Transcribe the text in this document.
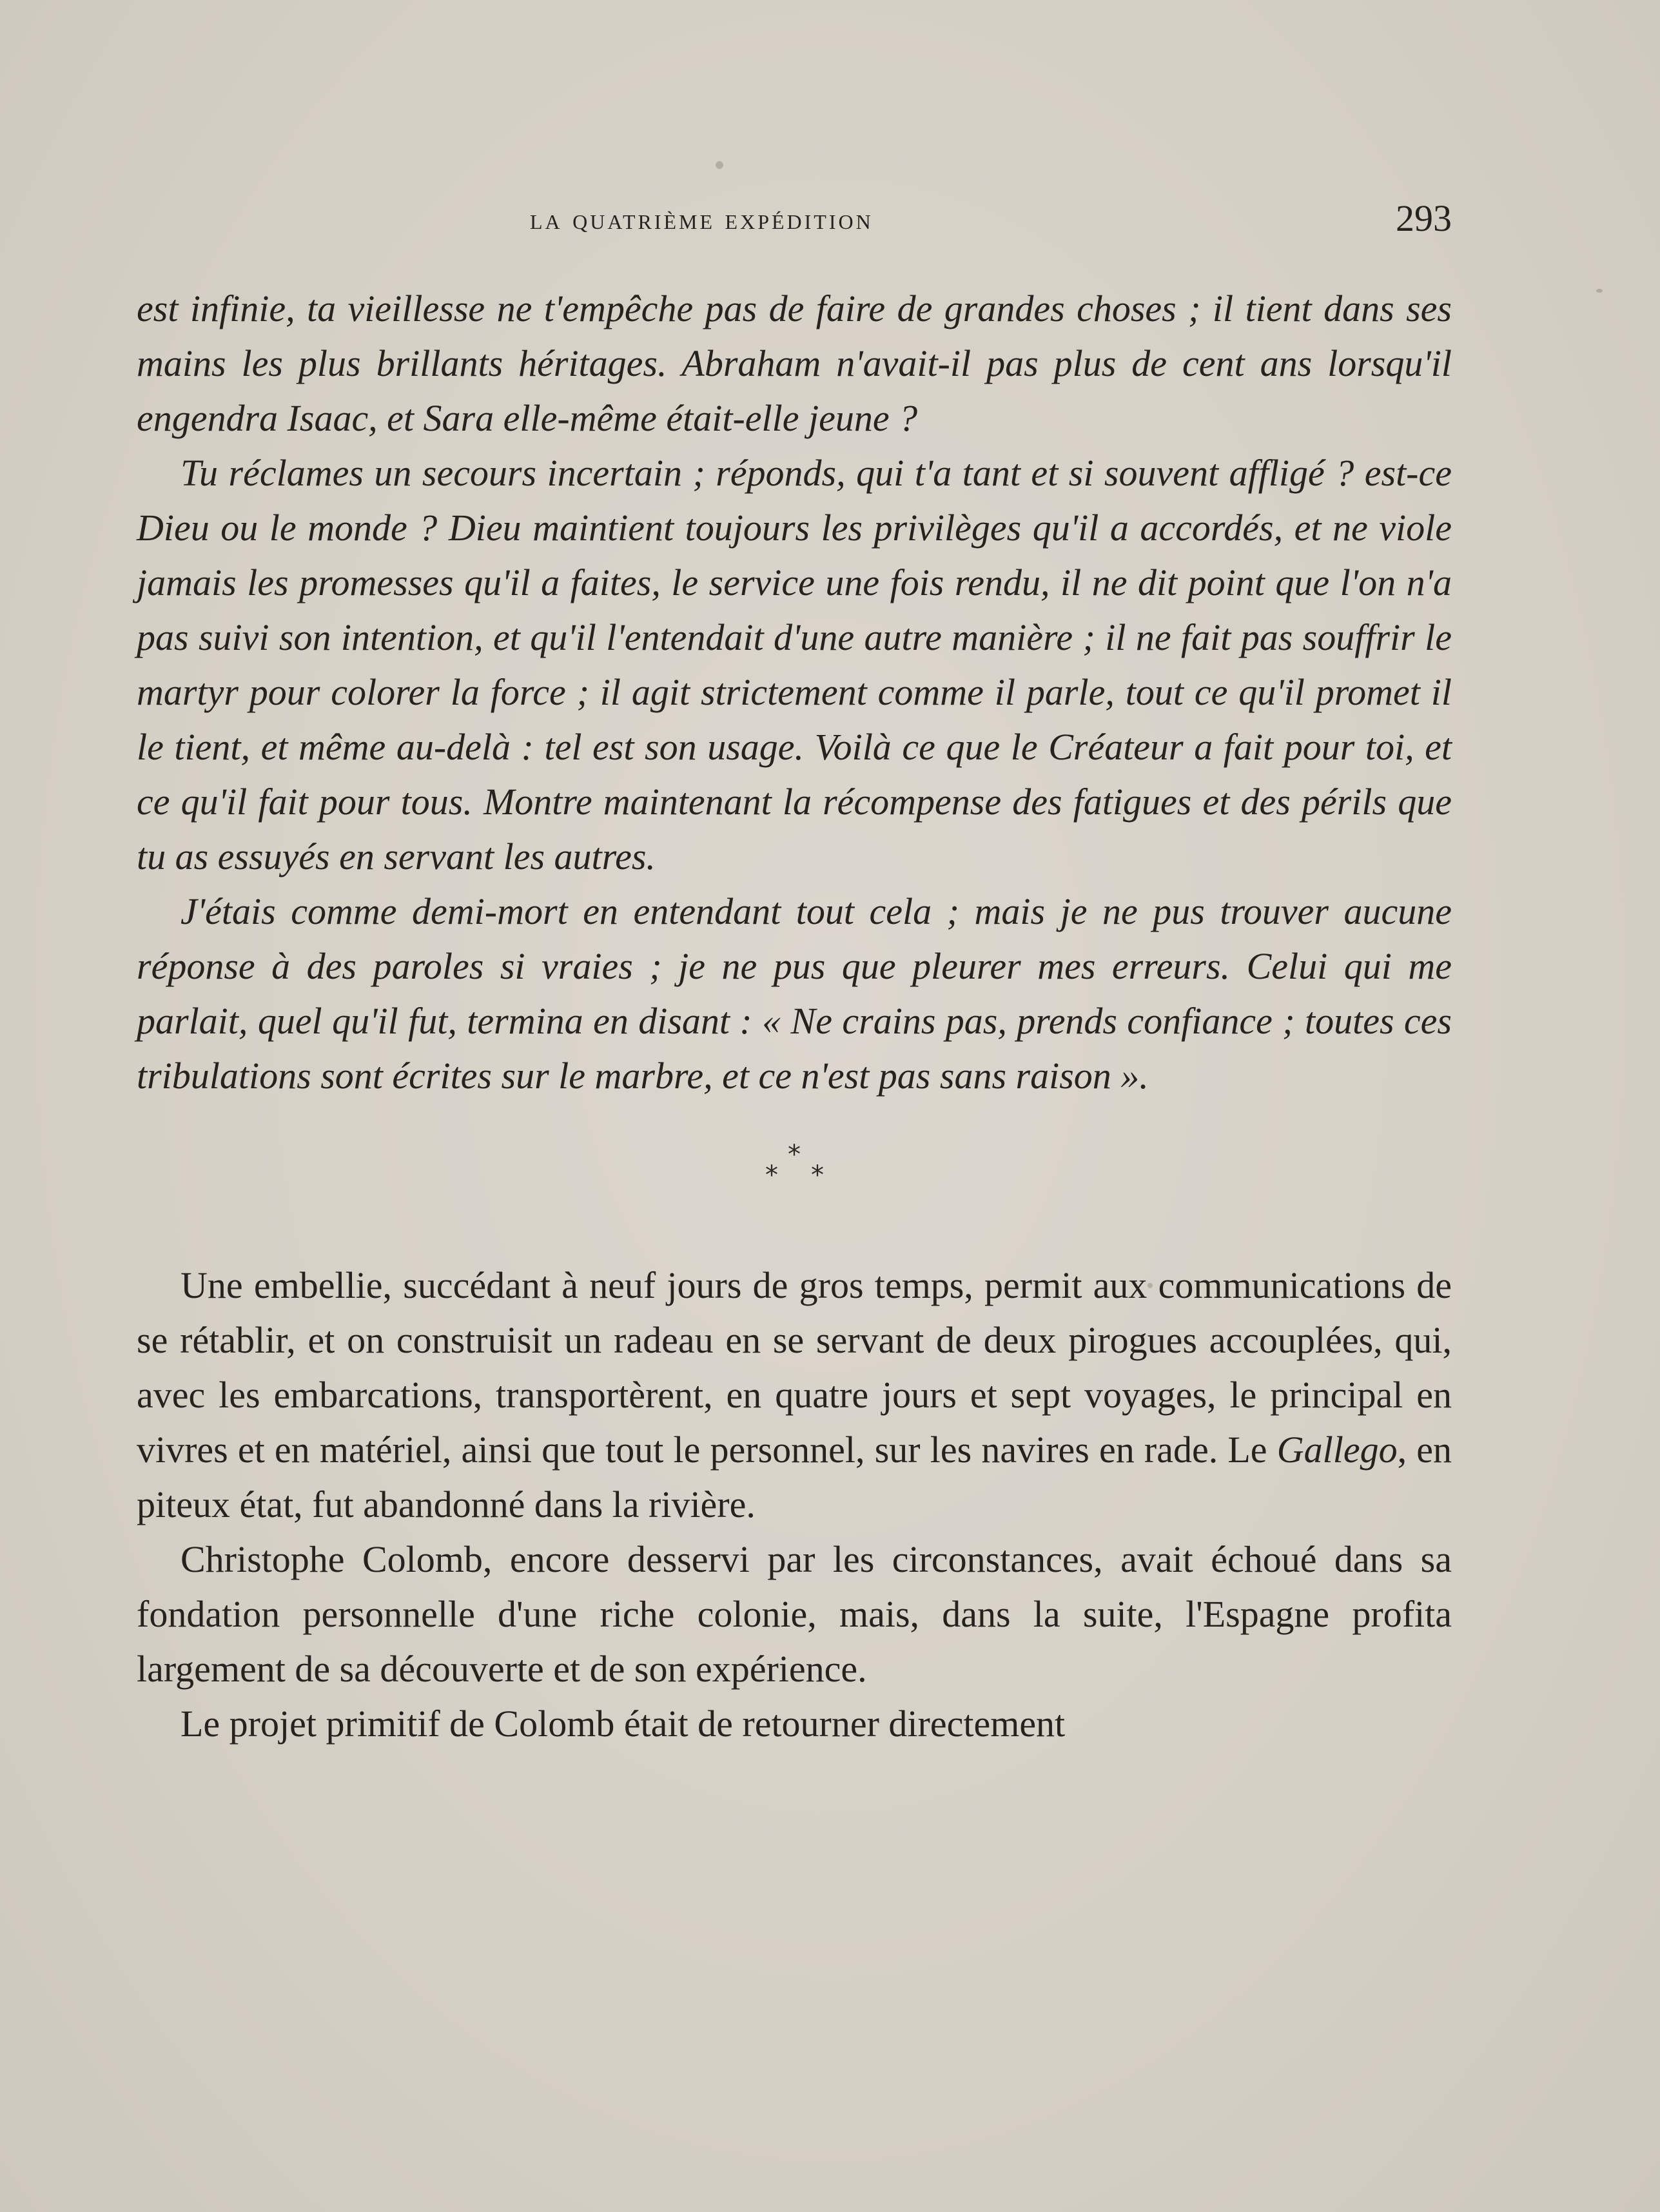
la quatrième expédition	293

est infinie, ta vieillesse ne t'empêche pas de faire de grandes choses ; il tient dans ses mains les plus brillants héritages. Abraham n'avait-il pas plus de cent ans lorsqu'il engendra Isaac, et Sara elle-même était-elle jeune ?

Tu réclames un secours incertain ; réponds, qui t'a tant et si souvent affligé ? est-ce Dieu ou le monde ? Dieu maintient toujours les privilèges qu'il a accordés, et ne viole jamais les promesses qu'il a faites, le service une fois rendu, il ne dit point que l'on n'a pas suivi son intention, et qu'il l'entendait d'une autre manière ; il ne fait pas souffrir le martyr pour colorer la force ; il agit strictement comme il parle, tout ce qu'il promet il le tient, et même au-delà : tel est son usage. Voilà ce que le Créateur a fait pour toi, et ce qu'il fait pour tous. Montre maintenant la récompense des fatigues et des périls que tu as essuyés en servant les autres.

J'étais comme demi-mort en entendant tout cela ; mais je ne pus trouver aucune réponse à des paroles si vraies ; je ne pus que pleurer mes erreurs. Celui qui me parlait, quel qu'il fut, termina en disant : « Ne crains pas, prends confiance ; toutes ces tribulations sont écrites sur le marbre, et ce n'est pas sans raison ».

*
* *

Une embellie, succédant à neuf jours de gros temps, permit aux communications de se rétablir, et on construisit un radeau en se servant de deux pirogues accouplées, qui, avec les embarcations, transportèrent, en quatre jours et sept voyages, le principal en vivres et en matériel, ainsi que tout le personnel, sur les navires en rade. Le Gallego, en piteux état, fut abandonné dans la rivière.

Christophe Colomb, encore desservi par les circonstances, avait échoué dans sa fondation personnelle d'une riche colonie, mais, dans la suite, l'Espagne profita largement de sa découverte et de son expérience.

Le projet primitif de Colomb était de retourner directement
